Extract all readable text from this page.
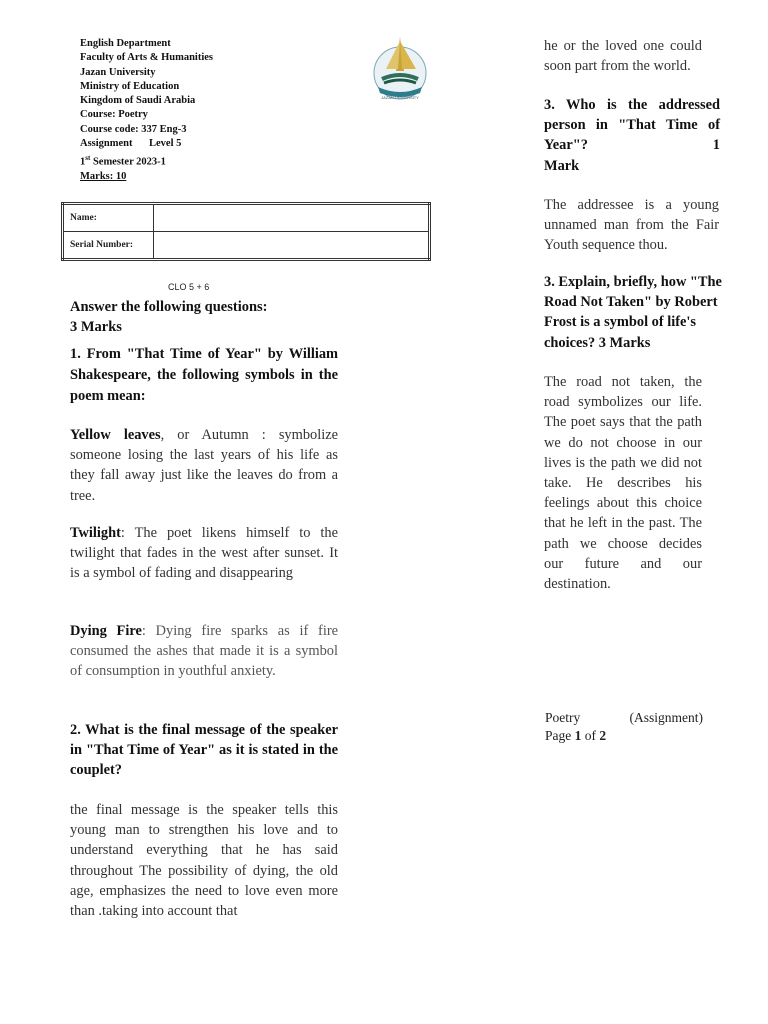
English Department
Faculty of Arts & Humanities
Jazan University
Ministry of Education
Kingdom of Saudi Arabia
Course: Poetry
Course code: 337 Eng-3
Assignment Level 5
1st Semester 2023-1
Marks: 10
JAZAN UNIVERSITY
Name:	
Serial Number:	
CLO 5 + 6
Answer the following questions:
3 Marks
1. From "That Time of Year" by William Shakespeare, the following symbols in the poem mean:
Yellow leaves, or Autumn : symbolize someone losing the last years of his life as they fall away just like the leaves do from a tree.
Twilight: The poet likens himself to the twilight that fades in the west after sunset. It is a symbol of fading and disappearing
Dying Fire: Dying fire sparks as if fire consumed the ashes that made it is a symbol of consumption in youthful anxiety.
2. What is the final message of the speaker in "That Time of Year" as it is stated in the couplet?
the final message is the speaker tells this young man to strengthen his love and to understand everything that he has said throughout The possibility of dying, the old age, emphasizes the need to love even more than .taking into account that
he or the loved one could soon part from the world.
3. Who is the addressed person in "That Time of Year"?	1
Mark
The addressee is a young unnamed man from the Fair Youth sequence thou.
3. Explain, briefly, how "The Road Not Taken" by Robert Frost is a symbol of life's choices? 3 Marks
The road not taken, the road symbolizes our life. The poet says that the path we do not choose in our lives is the path we did not take. He describes his feelings about this choice that he left in the past. The path we choose decides our future and our destination.
Poetry	(Assignment)
Page 1 of 2
